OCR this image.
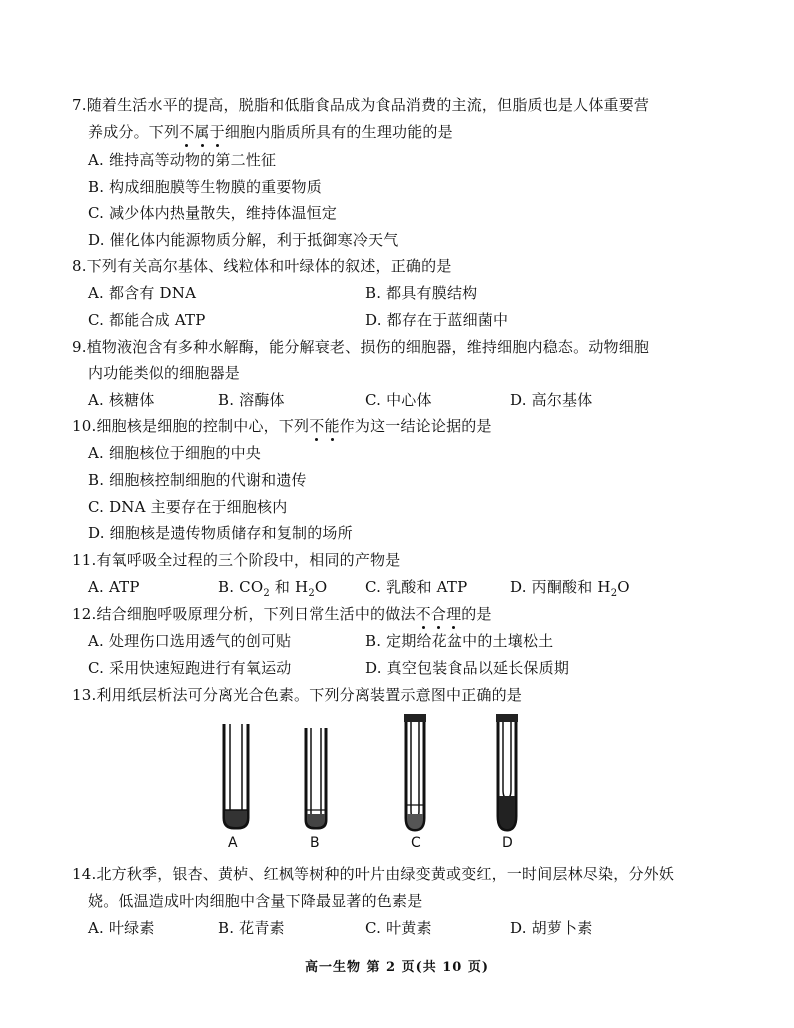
7.随着生活水平的提高，脱脂和低脂食品成为食品消费的主流，但脂质也是人体重要营
养成分。下列不属于细胞内脂质所具有的生理功能的是
A. 维持高等动物的第二性征
B. 构成细胞膜等生物膜的重要物质
C. 减少体内热量散失，维持体温恒定
D. 催化体内能源物质分解，利于抵御寒冷天气
8.下列有关高尔基体、线粒体和叶绿体的叙述，正确的是
A. 都含有 DNA	B. 都具有膜结构
C. 都能合成 ATP	D. 都存在于蓝细菌中
9.植物液泡含有多种水解酶，能分解衰老、损伤的细胞器，维持细胞内稳态。动物细胞
内功能类似的细胞器是
A. 核糖体	B. 溶酶体	C. 中心体	D. 高尔基体
10.细胞核是细胞的控制中心，下列不能作为这一结论论据的是
A. 细胞核位于细胞的中央
B. 细胞核控制细胞的代谢和遗传
C. DNA 主要存在于细胞核内
D. 细胞核是遗传物质储存和复制的场所
11.有氧呼吸全过程的三个阶段中，相同的产物是
A. ATP	B. $CO_2$ 和 $H_2O$	C. 乳酸和 ATP	D. 丙酮酸和 $H_2O$
12.结合细胞呼吸原理分析，下列日常生活中的做法不合理的是
A. 处理伤口选用透气的创可贴	B. 定期给花盆中的土壤松土
C. 采用快速短跑进行有氧运动	D. 真空包装食品以延长保质期
13.利用纸层析法可分离光合色素。下列分离装置示意图中正确的是
A	B	C	D
14.北方秋季，银杏、黄栌、红枫等树种的叶片由绿变黄或变红，一时间层林尽染，分外妖
娆。低温造成叶肉细胞中含量下降最显著的色素是
A. 叶绿素	B. 花青素	C. 叶黄素	D. 胡萝卜素
高一生物 第 2 页(共 10 页)
